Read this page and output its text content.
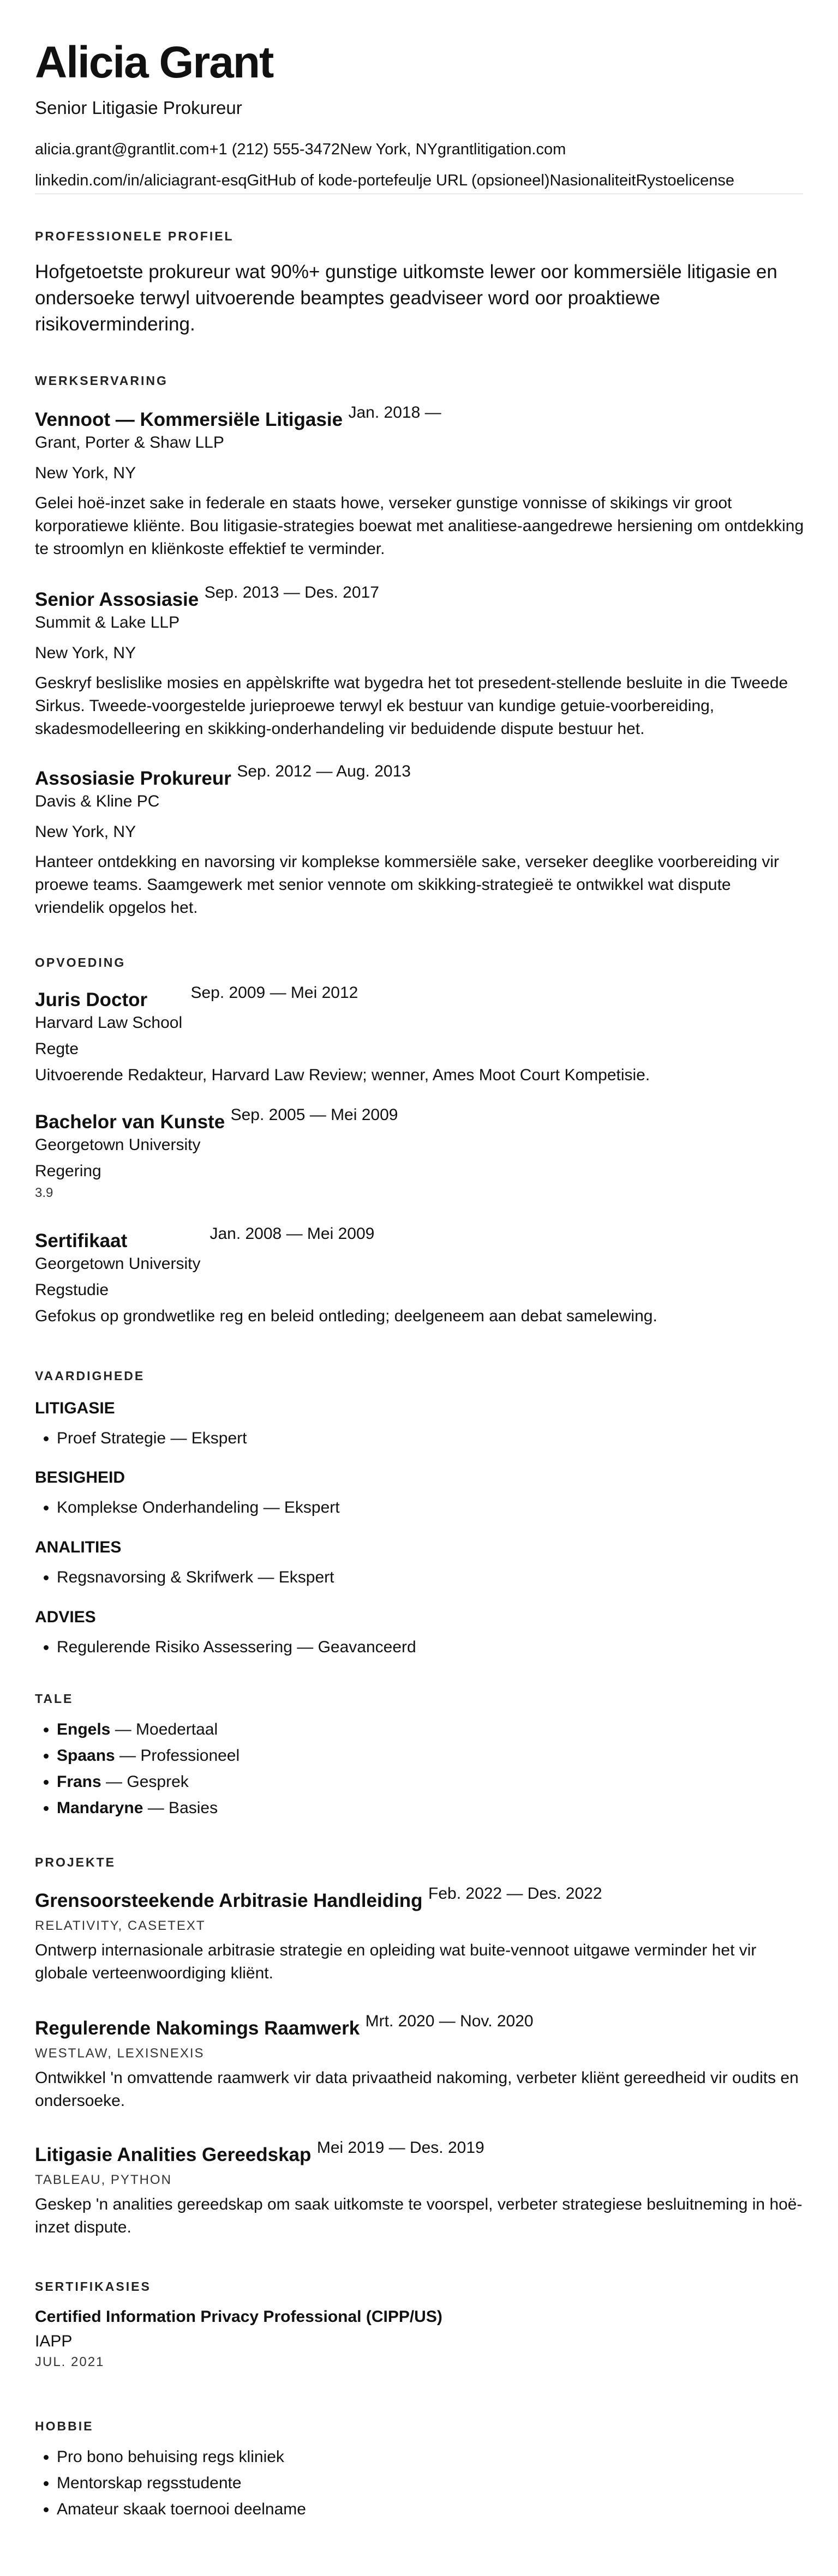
Alicia Grant
Senior Litigasie Prokureur
alicia.grant@grantlit.com+1 (212) 555-3472New York, NYgrantlitigation.com
linkedin.com/in/aliciagrant-esqGitHub of kode-portefeulje URL (opsioneel)NasionaliteitRystoelicense
PROFESSIONELE PROFIEL

Hofgetoetste prokureur wat 90%+ gunstige uitkomste lewer oor kommersiële litigasie en ondersoeke terwyl uitvoerende beamptes geadviseer word oor proaktiewe risikovermindering.

WERKSERVARING
Vennoot — Kommersiële Litigasie Jan. 2018 —
Grant, Porter & Shaw LLP
New York, NY

Gelei hoë-inzet sake in federale en staats howe, verseker gunstige vonnisse of skikings vir groot korporatiewe kliënte. Bou litigasie-strategies boewat met analitiese-aangedrewe hersiening om ontdekking te stroomlyn en kliënkoste effektief te verminder.

Senior Assosiasie Sep. 2013 — Des. 2017
Summit & Lake LLP
New York, NY

Geskryf beslislike mosies en appèlskrifte wat bygedra het tot presedent-stellende besluite in die Tweede Sirkus. Tweede-voorgestelde jurieproewe terwyl ek bestuur van kundige getuie-voorbereiding, skadesmodelleering en skikking-onderhandeling vir beduidende dispute bestuur het.

Assosiasie Prokureur Sep. 2012 — Aug. 2013
Davis & Kline PC
New York, NY

Hanteer ontdekking en navorsing vir komplekse kommersiële sake, verseker deeglike voorbereiding vir proewe teams. Saamgewerk met senior vennote om skikking-strategieë te ontwikkel wat dispute vriendelik opgelos het.

OPVOEDING
Juris Doctor	Sep. 2009 — Mei 2012
Harvard Law School
Regte
Uitvoerende Redakteur, Harvard Law Review; wenner, Ames Moot Court Kompetisie.
Bachelor van Kunste Sep. 2005 — Mei 2009
Georgetown University
Regering
3.9
Sertifikaat	Jan. 2008 — Mei 2009
Georgetown University
Regstudie
Gefokus op grondwetlike reg en beleid ontleding; deelgeneem aan debat samelewing.
VAARDIGHEDE
LITIGASIE
• Proef Strategie — Ekspert
BESIGHEID
• Komplekse Onderhandeling — Ekspert
ANALITIES
• Regsnavorsing & Skrifwerk — Ekspert
ADVIES
• Regulerende Risiko Assessering — Geavanceerd
TALE
• Engels — Moedertaal
• Spaans — Professioneel
• Frans — Gesprek
• Mandaryne — Basies
PROJEKTE
Grensoorsteekende Arbitrasie Handleiding Feb. 2022 — Des. 2022
RELATIVITY, CASETEXT

Ontwerp internasionale arbitrasie strategie en opleiding wat buite-vennoot uitgawe verminder het vir globale verteenwoordiging kliënt.

Regulerende Nakomings Raamwerk Mrt. 2020 — Nov. 2020
WESTLAW, LEXISNEXIS

Ontwikkel 'n omvattende raamwerk vir data privaatheid nakoming, verbeter kliënt gereedheid vir oudits en ondersoeke.

Litigasie Analities Gereedskap Mei 2019 — Des. 2019
TABLEAU, PYTHON

Geskep 'n analities gereedskap om saak uitkomste te voorspel, verbeter strategiese besluitneming in hoë-inzet dispute.

SERTIFIKASIES
Certified Information Privacy Professional (CIPP/US)
IAPP
JUL. 2021
HOBBIE
• Pro bono behuising regs kliniek
• Mentorskap regsstudente
• Amateur skaak toernooi deelname
